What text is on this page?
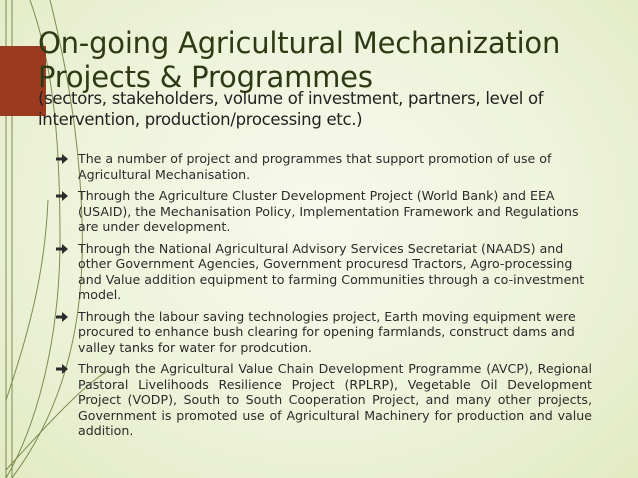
On-going Agricultural Mechanization
Projects & Programmes
(sectors, stakeholders, volume of investment, partners, level of intervention, production/processing etc.)
The a number of project and programmes that support promotion of use of Agricultural Mechanisation.
Through the Agriculture Cluster Development Project (World Bank) and EEA (USAID), the Mechanisation Policy, Implementation Framework and Regulations are under development.
Through the National Agricultural Advisory Services Secretariat (NAADS) and other Government Agencies, Government procuresd Tractors, Agro-processing and Value addition equipment to farming Communities through a co-investment model.
Through the labour saving technologies project, Earth moving equipment were procured to enhance bush clearing for opening farmlands, construct dams and valley tanks for water for prodcution.
Through the Agricultural Value Chain Development Programme (AVCP), Regional Pastoral Livelihoods Resilience Project (RPLRP), Vegetable Oil Development Project (VODP), South to South Cooperation Project, and many other projects, Government is promoted use of Agricultural Machinery for production and value addition.
